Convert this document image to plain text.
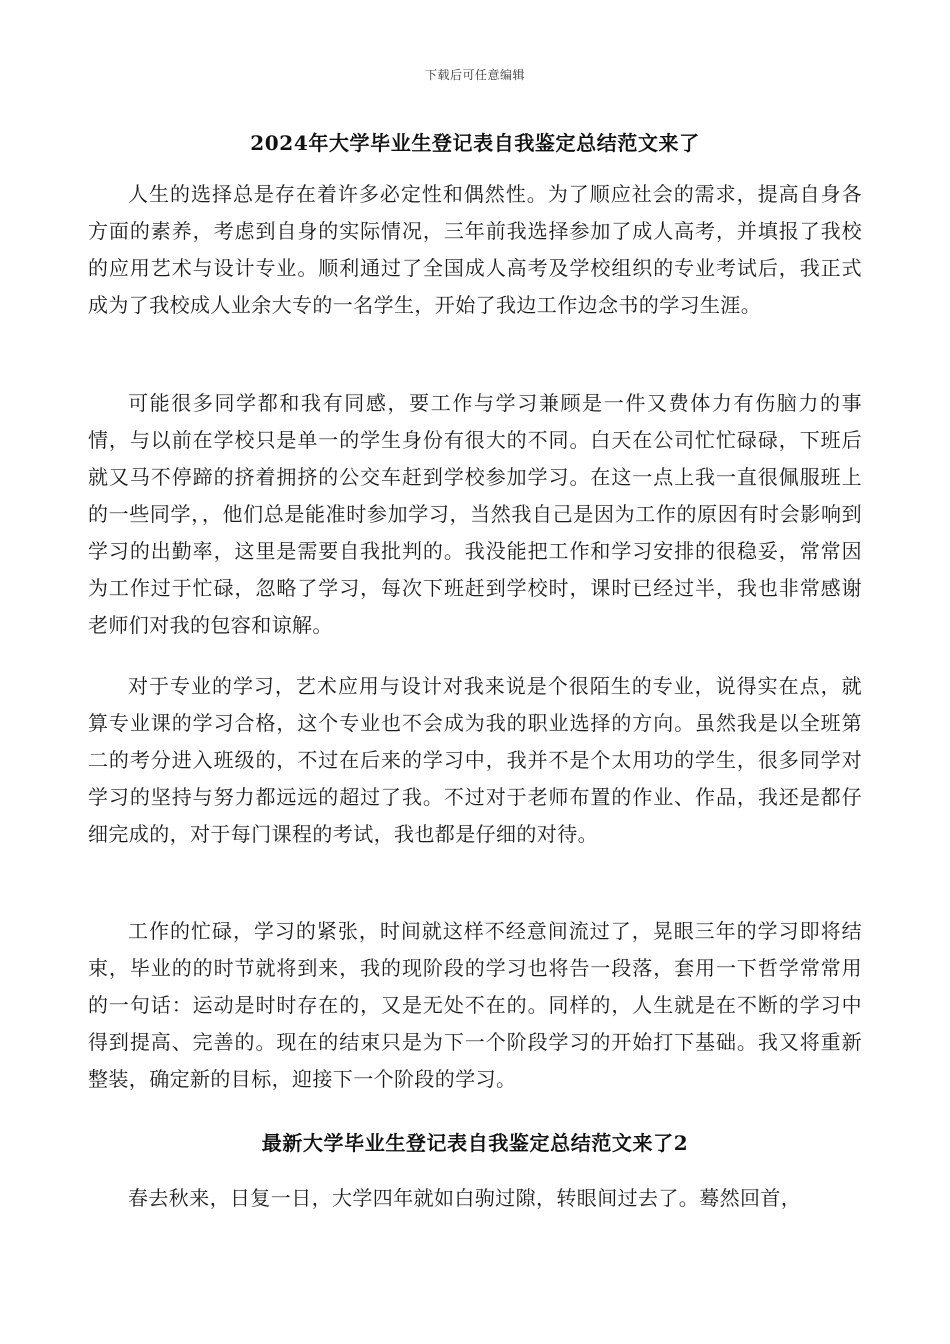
下载后可任意编辑
2024年大学毕业生登记表自我鉴定总结范文来了

人生的选择总是存在着许多必定性和偶然性。为了顺应社会的需求，提高自身各方面的素养，考虑到自身的实际情况，三年前我选择参加了成人高考，并填报了我校的应用艺术与设计专业。顺利通过了全国成人高考及学校组织的专业考试后，我正式成为了我校成人业余大专的一名学生，开始了我边工作边念书的学习生涯。

可能很多同学都和我有同感，要工作与学习兼顾是一件又费体力有伤脑力的事情，与以前在学校只是单一的学生身份有很大的不同。白天在公司忙忙碌碌，下班后就又马不停蹄的挤着拥挤的公交车赶到学校参加学习。在这一点上我一直很佩服班上的一些同学，，他们总是能准时参加学习，当然我自己是因为工作的原因有时会影响到学习的出勤率，这里是需要自我批判的。我没能把工作和学习安排的很稳妥，常常因为工作过于忙碌，忽略了学习，每次下班赶到学校时，课时已经过半，我也非常感谢老师们对我的包容和谅解。

对于专业的学习，艺术应用与设计对我来说是个很陌生的专业，说得实在点，就算专业课的学习合格，这个专业也不会成为我的职业选择的方向。虽然我是以全班第二的考分进入班级的，不过在后来的学习中，我并不是个太用功的学生，很多同学对学习的坚持与努力都远远的超过了我。不过对于老师布置的作业、作品，我还是都仔细完成的，对于每门课程的考试，我也都是仔细的对待。

工作的忙碌，学习的紧张，时间就这样不经意间流过了，晃眼三年的学习即将结束，毕业的的时节就将到来，我的现阶段的学习也将告一段落，套用一下哲学常常用的一句话：运动是时时存在的，又是无处不在的。同样的，人生就是在不断的学习中得到提高、完善的。现在的结束只是为下一个阶段学习的开始打下基础。我又将重新整装，确定新的目标，迎接下一个阶段的学习。

最新大学毕业生登记表自我鉴定总结范文来了2

春去秋来，日复一日，大学四年就如白驹过隙，转眼间过去了。蓦然回首，
